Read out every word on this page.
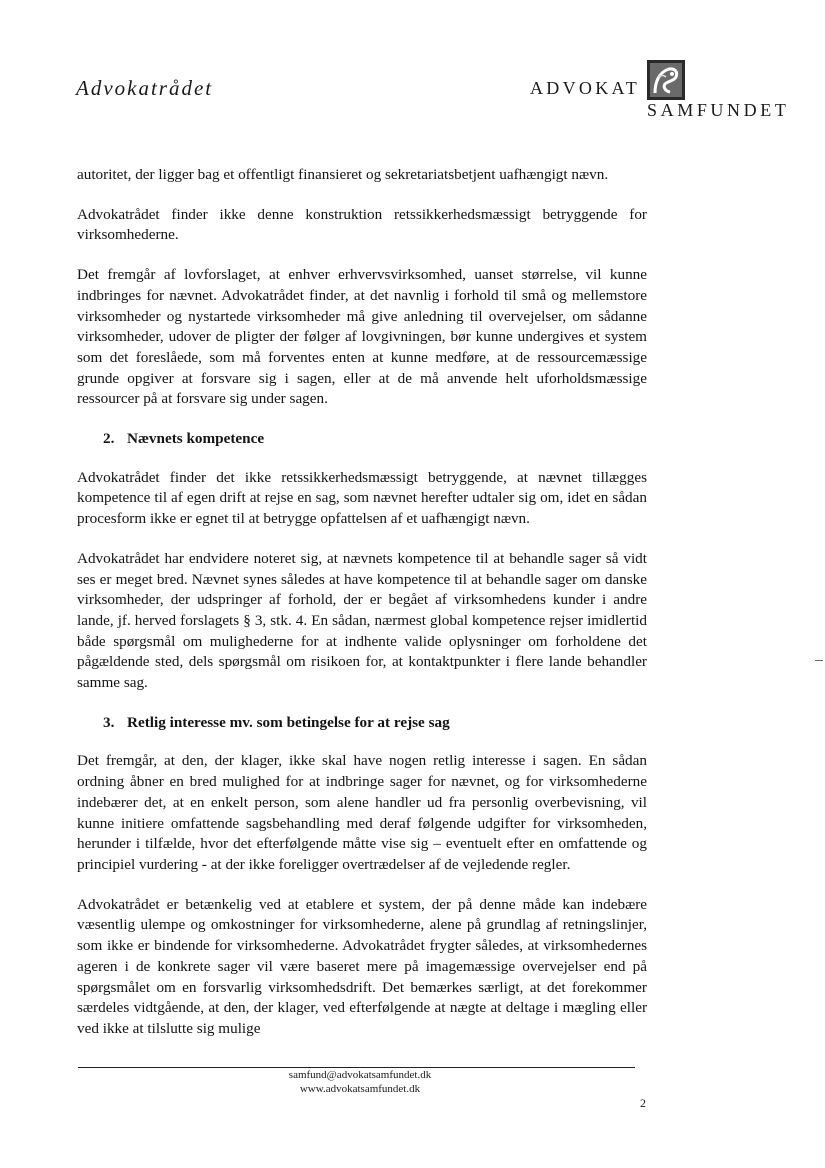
Advokatrådet	ADVOKAT
SAMFUNDET

autoritet, der ligger bag et offentligt finansieret og sekretariatsbetjent uafhængigt nævn.

Advokatrådet finder ikke denne konstruktion retssikkerhedsmæssigt betryggende for virksomhederne.

Det fremgår af lovforslaget, at enhver erhvervsvirksomhed, uanset størrelse, vil kunne indbringes for nævnet. Advokatrådet finder, at det navnlig i forhold til små og mellemstore virksomheder og nystartede virksomheder må give anledning til overvejelser, om sådanne virksomheder, udover de pligter der følger af lovgivningen, bør kunne undergives et system som det foreslåede, som må forventes enten at kunne medføre, at de ressourcemæssige grunde opgiver at forsvare sig i sagen, eller at de må anvende helt uforholdsmæssige ressourcer på at forsvare sig under sagen.

2. Nævnets kompetence

Advokatrådet finder det ikke retssikkerhedsmæssigt betryggende, at nævnet tillægges kompetence til af egen drift at rejse en sag, som nævnet herefter udtaler sig om, idet en sådan procesform ikke er egnet til at betrygge opfattelsen af et uafhængigt nævn.

Advokatrådet har endvidere noteret sig, at nævnets kompetence til at behandle sager så vidt ses er meget bred. Nævnet synes således at have kompetence til at behandle sager om danske virksomheder, der udspringer af forhold, der er begået af virksomhedens kunder i andre lande, jf. herved forslagets § 3, stk. 4. En sådan, nærmest global kompetence rejser imidlertid både spørgsmål om mulighederne for at indhente valide oplysninger om forholdene det pågældende sted, dels spørgsmål om risikoen for, at kontaktpunkter i flere lande behandler samme sag.

3. Retlig interesse mv. som betingelse for at rejse sag

Det fremgår, at den, der klager, ikke skal have nogen retlig interesse i sagen. En sådan ordning åbner en bred mulighed for at indbringe sager for nævnet, og for virksomhederne indebærer det, at en enkelt person, som alene handler ud fra personlig overbevisning, vil kunne initiere omfattende sagsbehandling med deraf følgende udgifter for virksomheden, herunder i tilfælde, hvor det efterfølgende måtte vise sig – eventuelt efter en omfattende og principiel vurdering - at der ikke foreligger overtrædelser af de vejledende regler.

Advokatrådet er betænkelig ved at etablere et system, der på denne måde kan indebære væsentlig ulempe og omkostninger for virksomhederne, alene på grundlag af retningslinjer, som ikke er bindende for virksomhederne. Advokatrådet frygter således, at virksomhedernes ageren i de konkrete sager vil være baseret mere på imagemæssige overvejelser end på spørgsmålet om en forsvarlig virksomhedsdrift. Det bemærkes særligt, at det forekommer særdeles vidtgående, at den, der klager, ved efterfølgende at nægte at deltage i mægling eller ved ikke at tilslutte sig mulige

samfund@advokatsamfundet.dk
www.advokatsamfundet.dk
2
